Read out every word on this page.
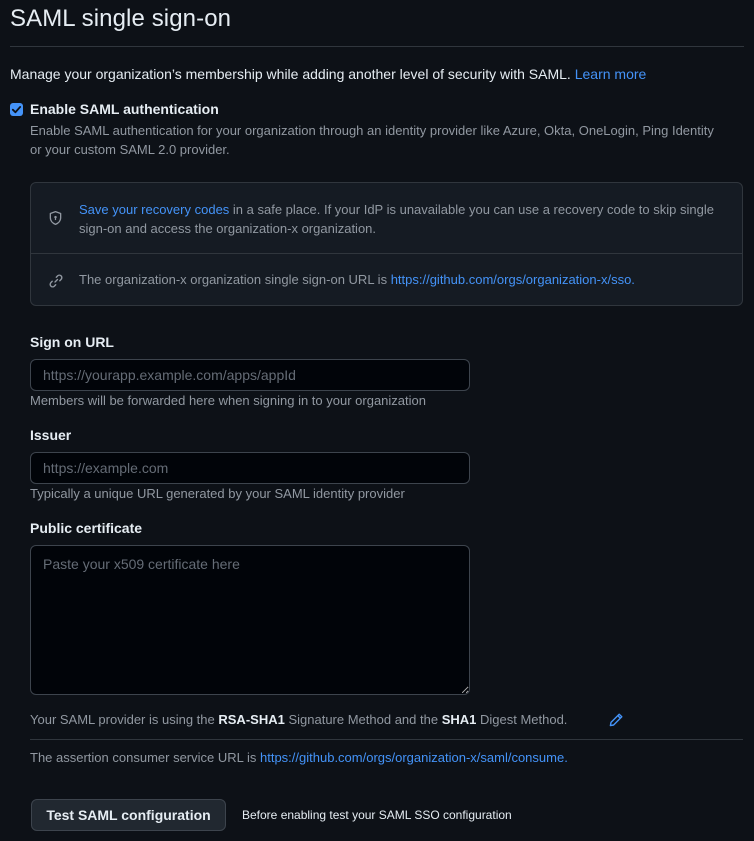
SAML single sign-on
Manage your organization’s membership while adding another level of security with SAML. Learn more
Enable SAML authentication
Enable SAML authentication for your organization through an identity provider like Azure, Okta, OneLogin, Ping Identity or your custom SAML 2.0 provider.
Save your recovery codes in a safe place. If your IdP is unavailable you can use a recovery code to skip single sign-on and access the organization-x organization.
The organization-x organization single sign-on URL is https://github.com/orgs/organization-x/sso.
Sign on URL
https://yourapp.example.com/apps/appId
Members will be forwarded here when signing in to your organization
Issuer
https://example.com
Typically a unique URL generated by your SAML identity provider
Public certificate
Paste your x509 certificate here
Your SAML provider is using the RSA-SHA1 Signature Method and the SHA1 Digest Method.
The assertion consumer service URL is https://github.com/orgs/organization-x/saml/consume.
Test SAML configuration	Before enabling test your SAML SSO configuration
